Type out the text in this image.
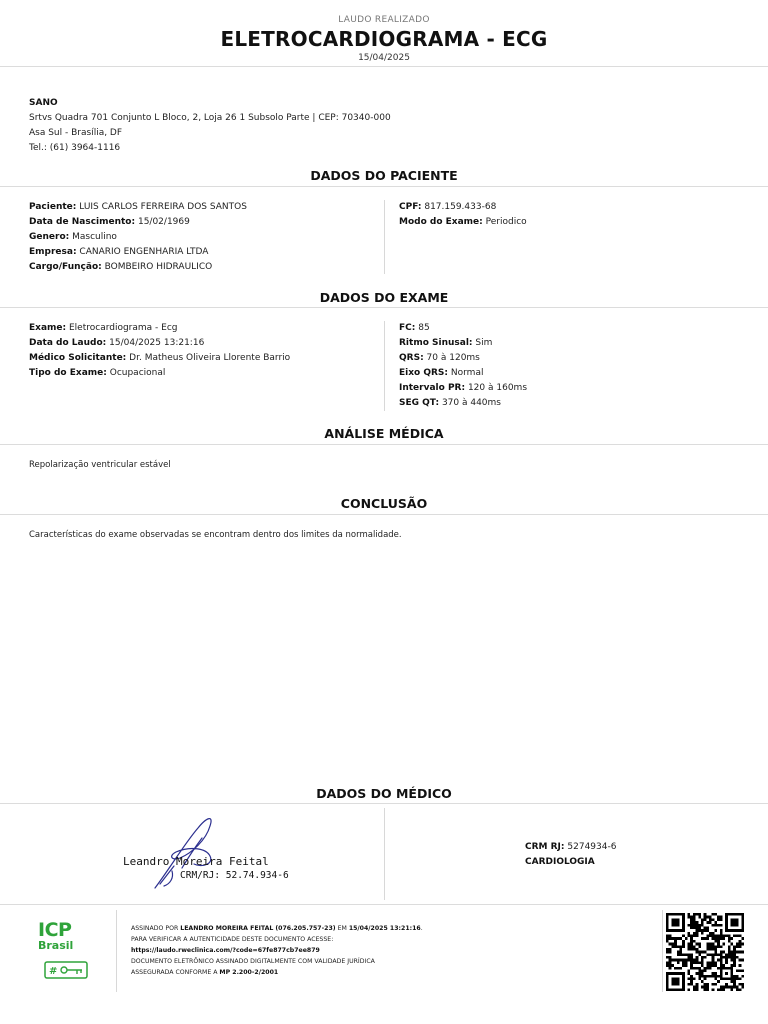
LAUDO REALIZADO
ELETROCARDIOGRAMA - ECG
15/04/2025
SANO
Srtvs Quadra 701 Conjunto L Bloco, 2, Loja 26 1 Subsolo Parte | CEP: 70340-000
Asa Sul - Brasília, DF
Tel.: (61) 3964-1116
DADOS DO PACIENTE
Paciente: LUIS CARLOS FERREIRA DOS SANTOS
Data de Nascimento: 15/02/1969
Genero: Masculino
Empresa: CANARIO ENGENHARIA LTDA
Cargo/Função: BOMBEIRO HIDRAULICO
CPF: 817.159.433-68
Modo do Exame: Periodico
DADOS DO EXAME
Exame: Eletrocardiograma - Ecg
Data do Laudo: 15/04/2025 13:21:16
Médico Solicitante: Dr. Matheus Oliveira Llorente Barrio
Tipo do Exame: Ocupacional
FC: 85
Ritmo Sinusal: Sim
QRS: 70 à 120ms
Eixo QRS: Normal
Intervalo PR: 120 à 160ms
SEG QT: 370 à 440ms
ANÁLISE MÉDICA
Repolarização ventricular estável
CONCLUSÃO
Características do exame observadas se encontram dentro dos limites da normalidade.
DADOS DO MÉDICO
Leandro Moreira Feital
CRM/RJ: 52.74.934-6
CRM RJ: 5274934-6
CARDIOLOGIA
ICP
Brasil
#
ASSINADO POR LEANDRO MOREIRA FEITAL (076.205.757-23) EM 15/04/2025 13:21:16.
PARA VERIFICAR A AUTENTICIDADE DESTE DOCUMENTO ACESSE:
https://laudo.rweclinica.com/?code=67fe877cb7ee879
DOCUMENTO ELETRÔNICO ASSINADO DIGITALMENTE COM VALIDADE JURÍDICA
ASSEGURADA CONFORME A MP 2.200-2/2001
